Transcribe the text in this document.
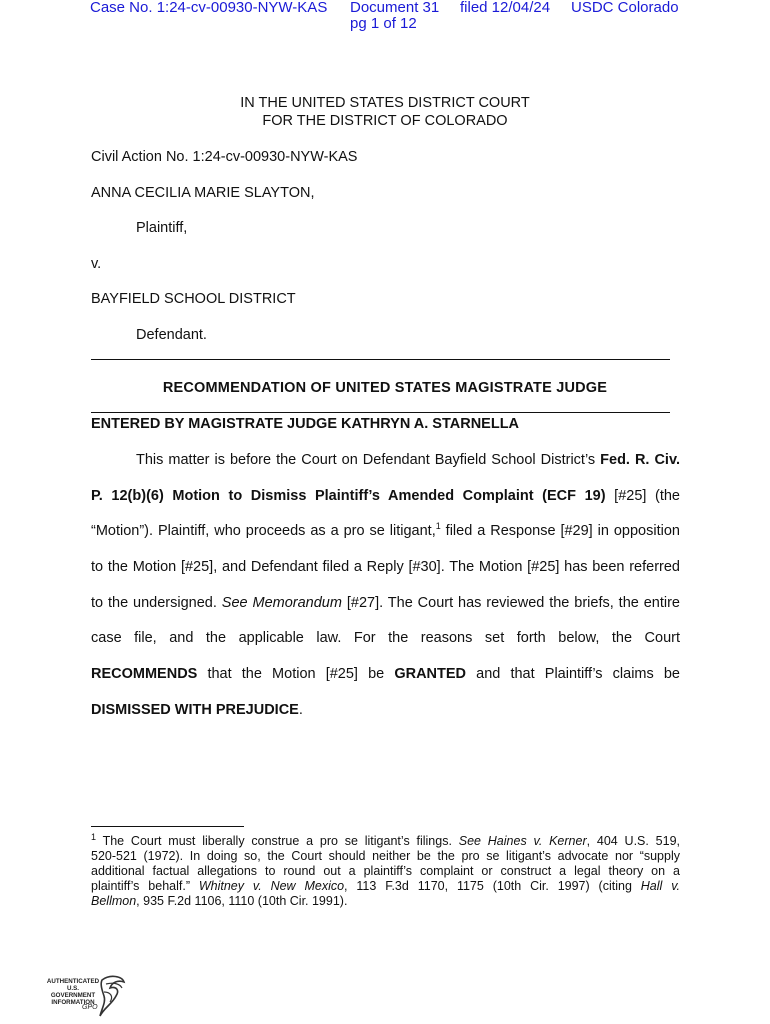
Case No. 1:24-cv-00930-NYW-KAS Document 31 filed 12/04/24 USDC Colorado
pg 1 of 12
IN THE UNITED STATES DISTRICT COURT
FOR THE DISTRICT OF COLORADO
Civil Action No. 1:24-cv-00930-NYW-KAS
ANNA CECILIA MARIE SLAYTON,
Plaintiff,
v.
BAYFIELD SCHOOL DISTRICT
Defendant.
RECOMMENDATION OF UNITED STATES MAGISTRATE JUDGE
ENTERED BY MAGISTRATE JUDGE KATHRYN A. STARNELLA
This matter is before the Court on Defendant Bayfield School District’s Fed. R. Civ.
P. 12(b)(6) Motion to Dismiss Plaintiff’s Amended Complaint (ECF 19) [#25] (the
“Motion”). Plaintiff, who proceeds as a pro se litigant,$^1$ filed a Response [#29] in opposition
to the Motion [#25], and Defendant filed a Reply [#30]. The Motion [#25] has been referred
to the undersigned. See Memorandum [#27]. The Court has reviewed the briefs, the entire
case file, and the applicable law. For the reasons set forth below, the Court
RECOMMENDS that the Motion [#25] be GRANTED and that Plaintiff’s claims be
DISMISSED WITH PREJUDICE.
$^1$ The Court must liberally construe a pro se litigant’s filings. See Haines v. Kerner, 404 U.S. 519,
520-521 (1972). In doing so, the Court should neither be the pro se litigant’s advocate nor “supply
additional factual allegations to round out a plaintiff’s complaint or construct a legal theory on a
plaintiff’s behalf.” Whitney v. New Mexico, 113 F.3d 1170, 1175 (10th Cir. 1997) (citing Hall v.
Bellmon, 935 F.2d 1106, 1110 (10th Cir. 1991).
AUTHENTICATED
U.S. GOVERNMENT
INFORMATION
GPO
